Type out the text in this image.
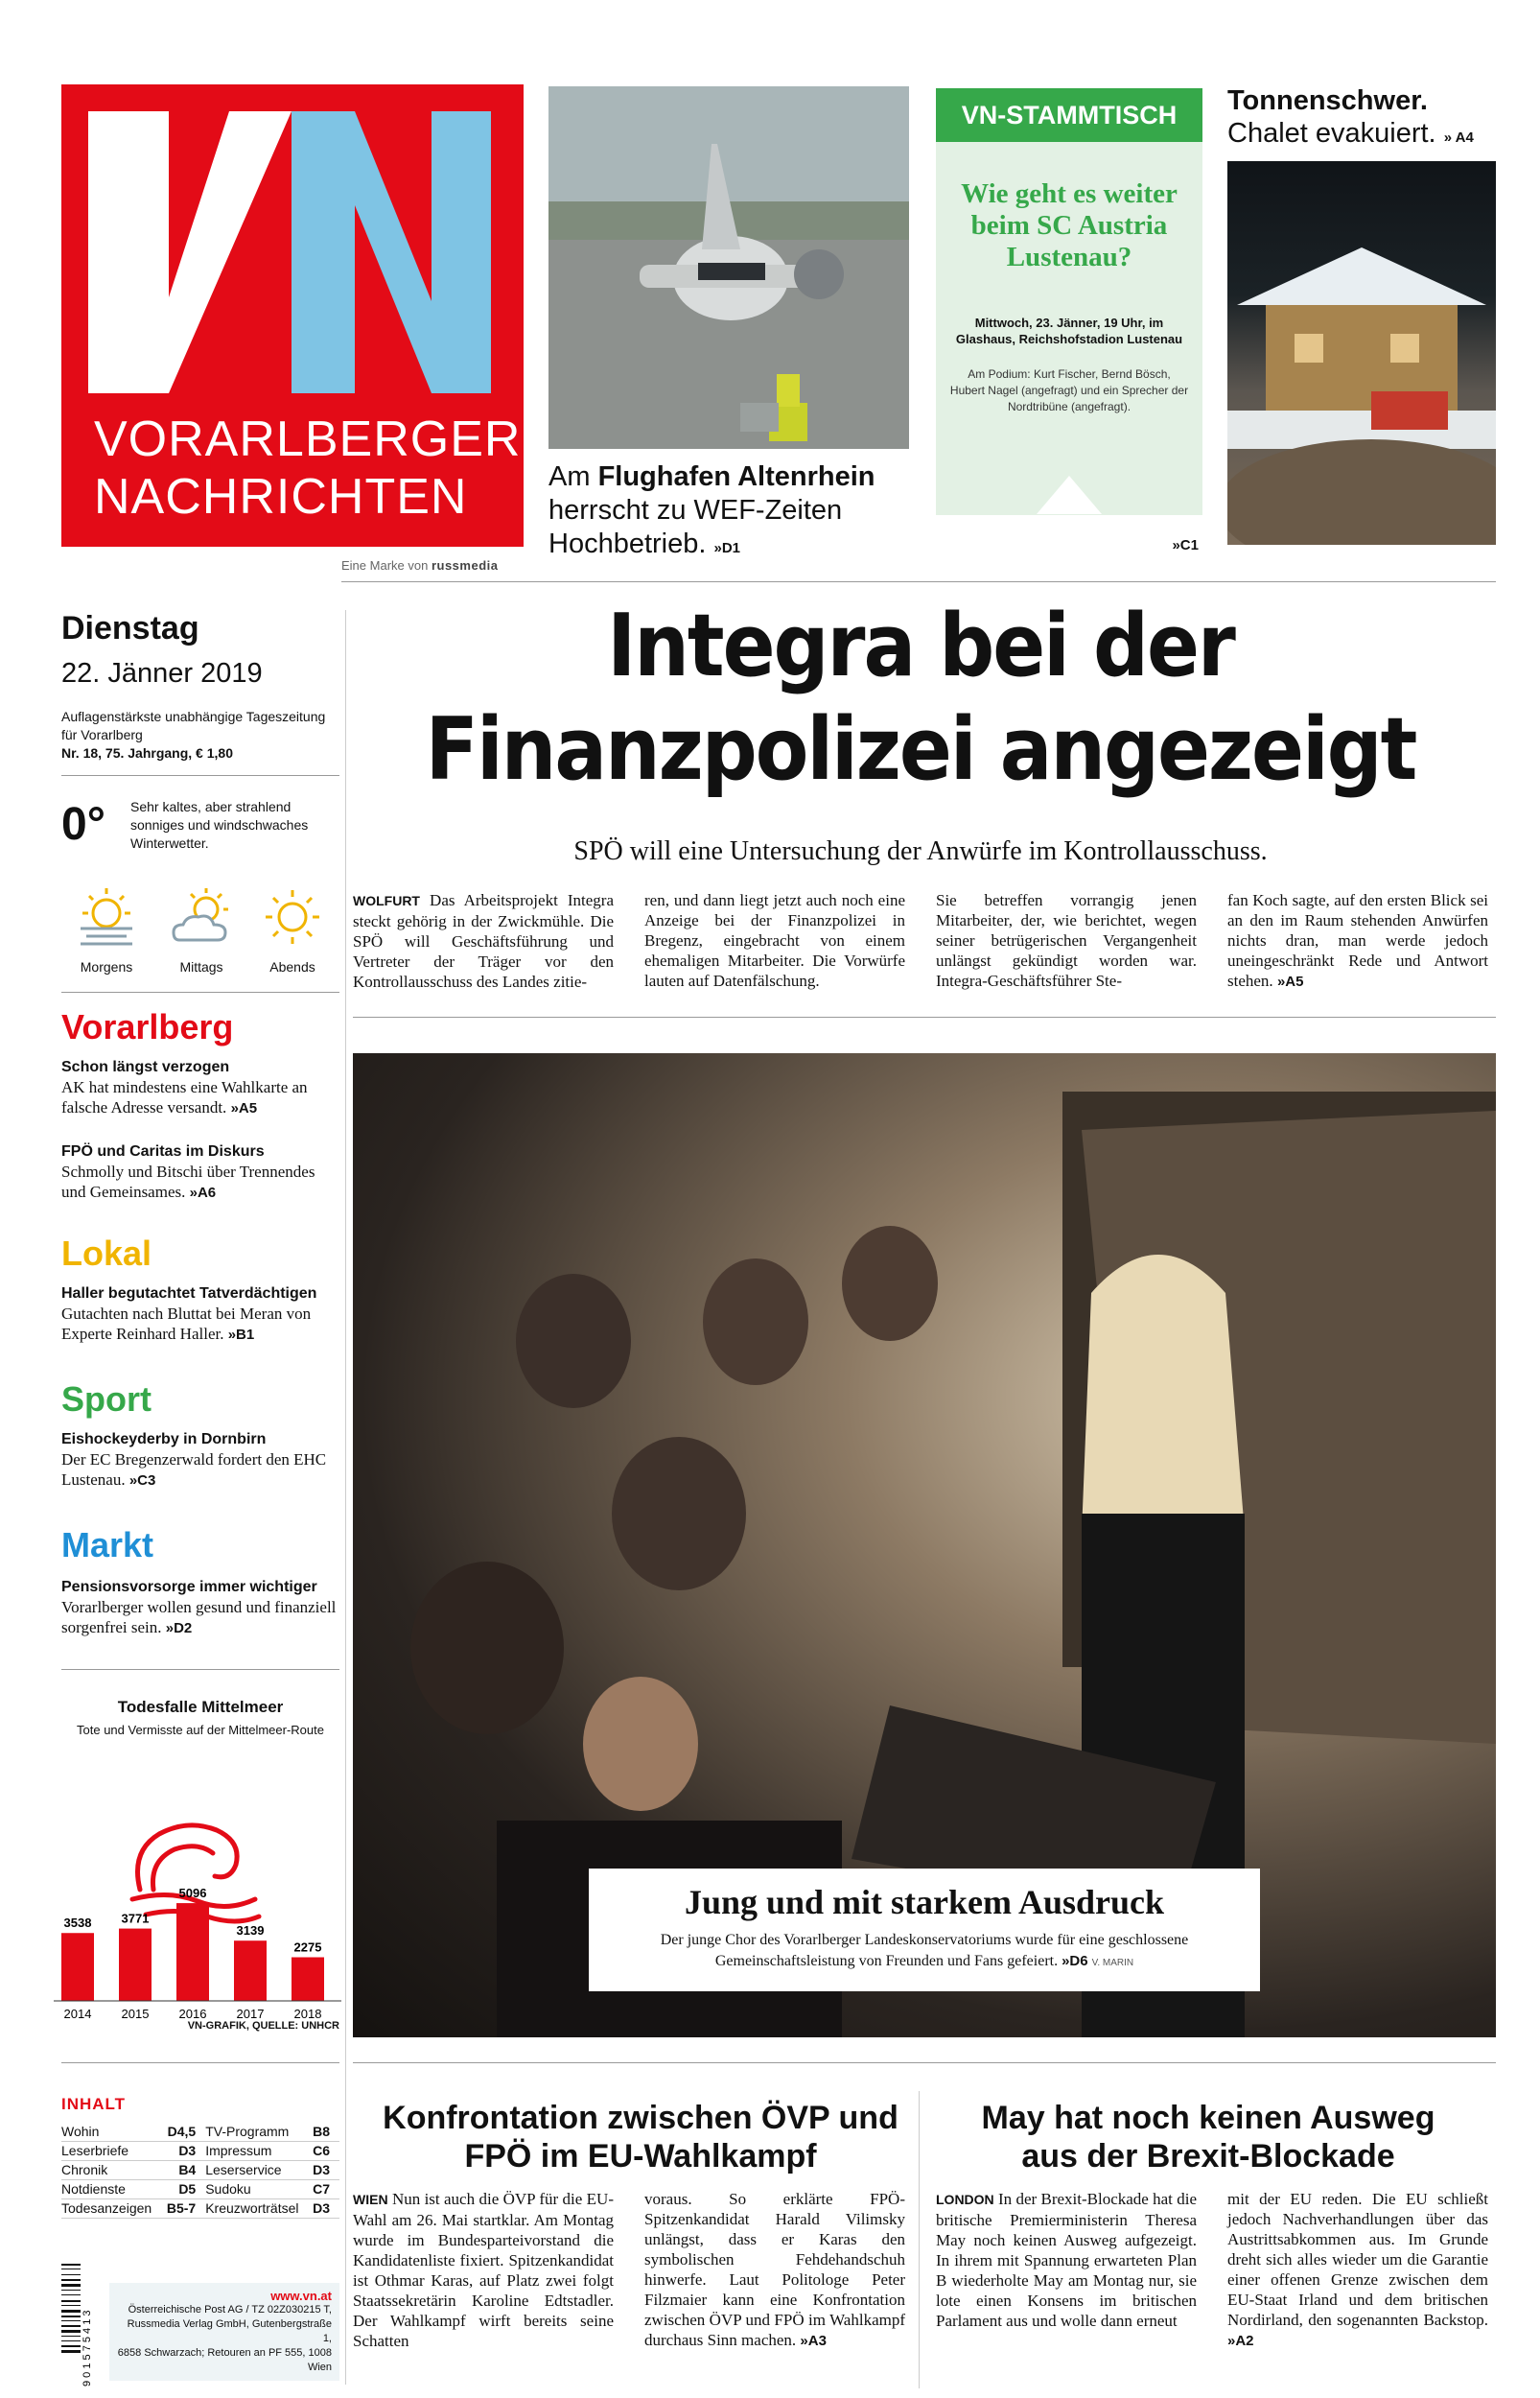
VORARLBERGER
NACHRICHTEN
Eine Marke von russmedia
Am Flughafen Altenrhein herrscht zu WEF-Zeiten Hochbetrieb. »D1
VN-STAMMTISCH
Wie geht es weiter beim SC Austria Lustenau?
Mittwoch, 23. Jänner, 19 Uhr, im Glashaus, Reichshofstadion Lustenau
Am Podium: Kurt Fischer, Bernd Bösch, Hubert Nagel (angefragt) und ein Sprecher der Nordtribüne (angefragt).
»C1
Tonnenschwer.
Chalet evakuiert. » A4
Dienstag
22. Jänner 2019
Auflagenstärkste unabhängige Tageszeitung für Vorarlberg
Nr. 18, 75. Jahrgang, € 1,80
0° Sehr kaltes, aber strahlend sonniges und windschwaches Winterwetter.
Morgens	Mittags	Abends
Vorarlberg
Schon längst verzogen
AK hat mindestens eine Wahlkarte an falsche Adresse versandt. »A5
FPÖ und Caritas im Diskurs
Schmolly und Bitschi über Trennendes und Gemeinsames. »A6
Lokal
Haller begutachtet Tatverdächtigen
Gutachten nach Bluttat bei Meran von Experte Reinhard Haller. »B1
Sport
Eishockeyderby in Dornbirn
Der EC Bregenzerwald fordert den EHC Lustenau. »C3
Markt
Pensionsvorsorge immer wichtiger
Vorarlberger wollen gesund und finanziell sorgenfrei sein. »D2
Todesfalle Mittelmeer
Tote und Vermisste auf der Mittelmeer-Route
3538 3771
5096
3139
2275
2014 2015 2016 2017 2018
VN-GRAFIK, QUELLE: UNHCR
INHALT
Wohin	D4,5	TV-Programm	B8
Leserbriefe	D3	Impressum	C6
Chronik	B4	Leserservice	D3
Notdienste	D5	Sudoku	C7
Todesanzeigen	B5-7	Kreuzworträtsel	D3
9 0 1 5 7 5 4 1 3
www.vn.at
Österreichische Post AG / TZ 02Z030215 T,
Russmedia Verlag GmbH, Gutenbergstraße 1,
6858 Schwarzach; Retouren an PF 555, 1008 Wien
Integra bei der
Finanzpolizei angezeigt
SPÖ will eine Untersuchung der Anwürfe im Kontrollausschuss.
WOLFURT Das Arbeitsprojekt Integra steckt gehörig in der Zwickmühle. Die SPÖ will Geschäftsführung und Vertreter der Träger vor den Kontrollausschuss des Landes zitie-
ren, und dann liegt jetzt auch noch eine Anzeige bei der Finanzpolizei in Bregenz, eingebracht von einem ehemaligen Mitarbeiter. Die Vorwürfe lauten auf Datenfälschung.
Sie betreffen vorrangig jenen Mitarbeiter, der, wie berichtet, wegen seiner betrügerischen Vergangenheit unlängst gekündigt worden war. Integra-Geschäftsführer Ste-
fan Koch sagte, auf den ersten Blick sei an den im Raum stehenden Anwürfen nichts dran, man werde jedoch uneingeschränkt Rede und Antwort stehen. »A5
Jung und mit starkem Ausdruck
Der junge Chor des Vorarlberger Landeskonservatoriums wurde für eine geschlossene Gemeinschaftsleistung von Freunden und Fans gefeiert. »D6 V. MARIN
Konfrontation zwischen ÖVP und
FPÖ im EU-Wahlkampf
WIEN Nun ist auch die ÖVP für die EU-Wahl am 26. Mai startklar. Am Montag wurde im Bundesparteivorstand die Kandidatenliste fixiert. Spitzenkandidat ist Othmar Karas, auf Platz zwei folgt Staatssekretärin Karoline Edtstadler. Der Wahlkampf wirft bereits seine Schatten
voraus. So erklärte FPÖ-Spitzenkandidat Harald Vilimsky unlängst, dass er Karas den symbolischen Fehdehandschuh hinwerfe. Laut Politologe Peter Filzmaier kann eine Konfrontation zwischen ÖVP und FPÖ im Wahlkampf durchaus Sinn machen. »A3
May hat noch keinen Ausweg
aus der Brexit-Blockade
LONDON In der Brexit-Blockade hat die britische Premierministerin Theresa May noch keinen Ausweg aufgezeigt. In ihrem mit Spannung erwarteten Plan B wiederholte May am Montag nur, sie lote einen Konsens im britischen Parlament aus und wolle dann erneut
mit der EU reden. Die EU schließt jedoch Nachverhandlungen über das Austrittsabkommen aus. Im Grunde dreht sich alles wieder um die Garantie einer offenen Grenze zwischen dem EU-Staat Irland und dem britischen Nordirland, den sogenannten Backstop. »A2
